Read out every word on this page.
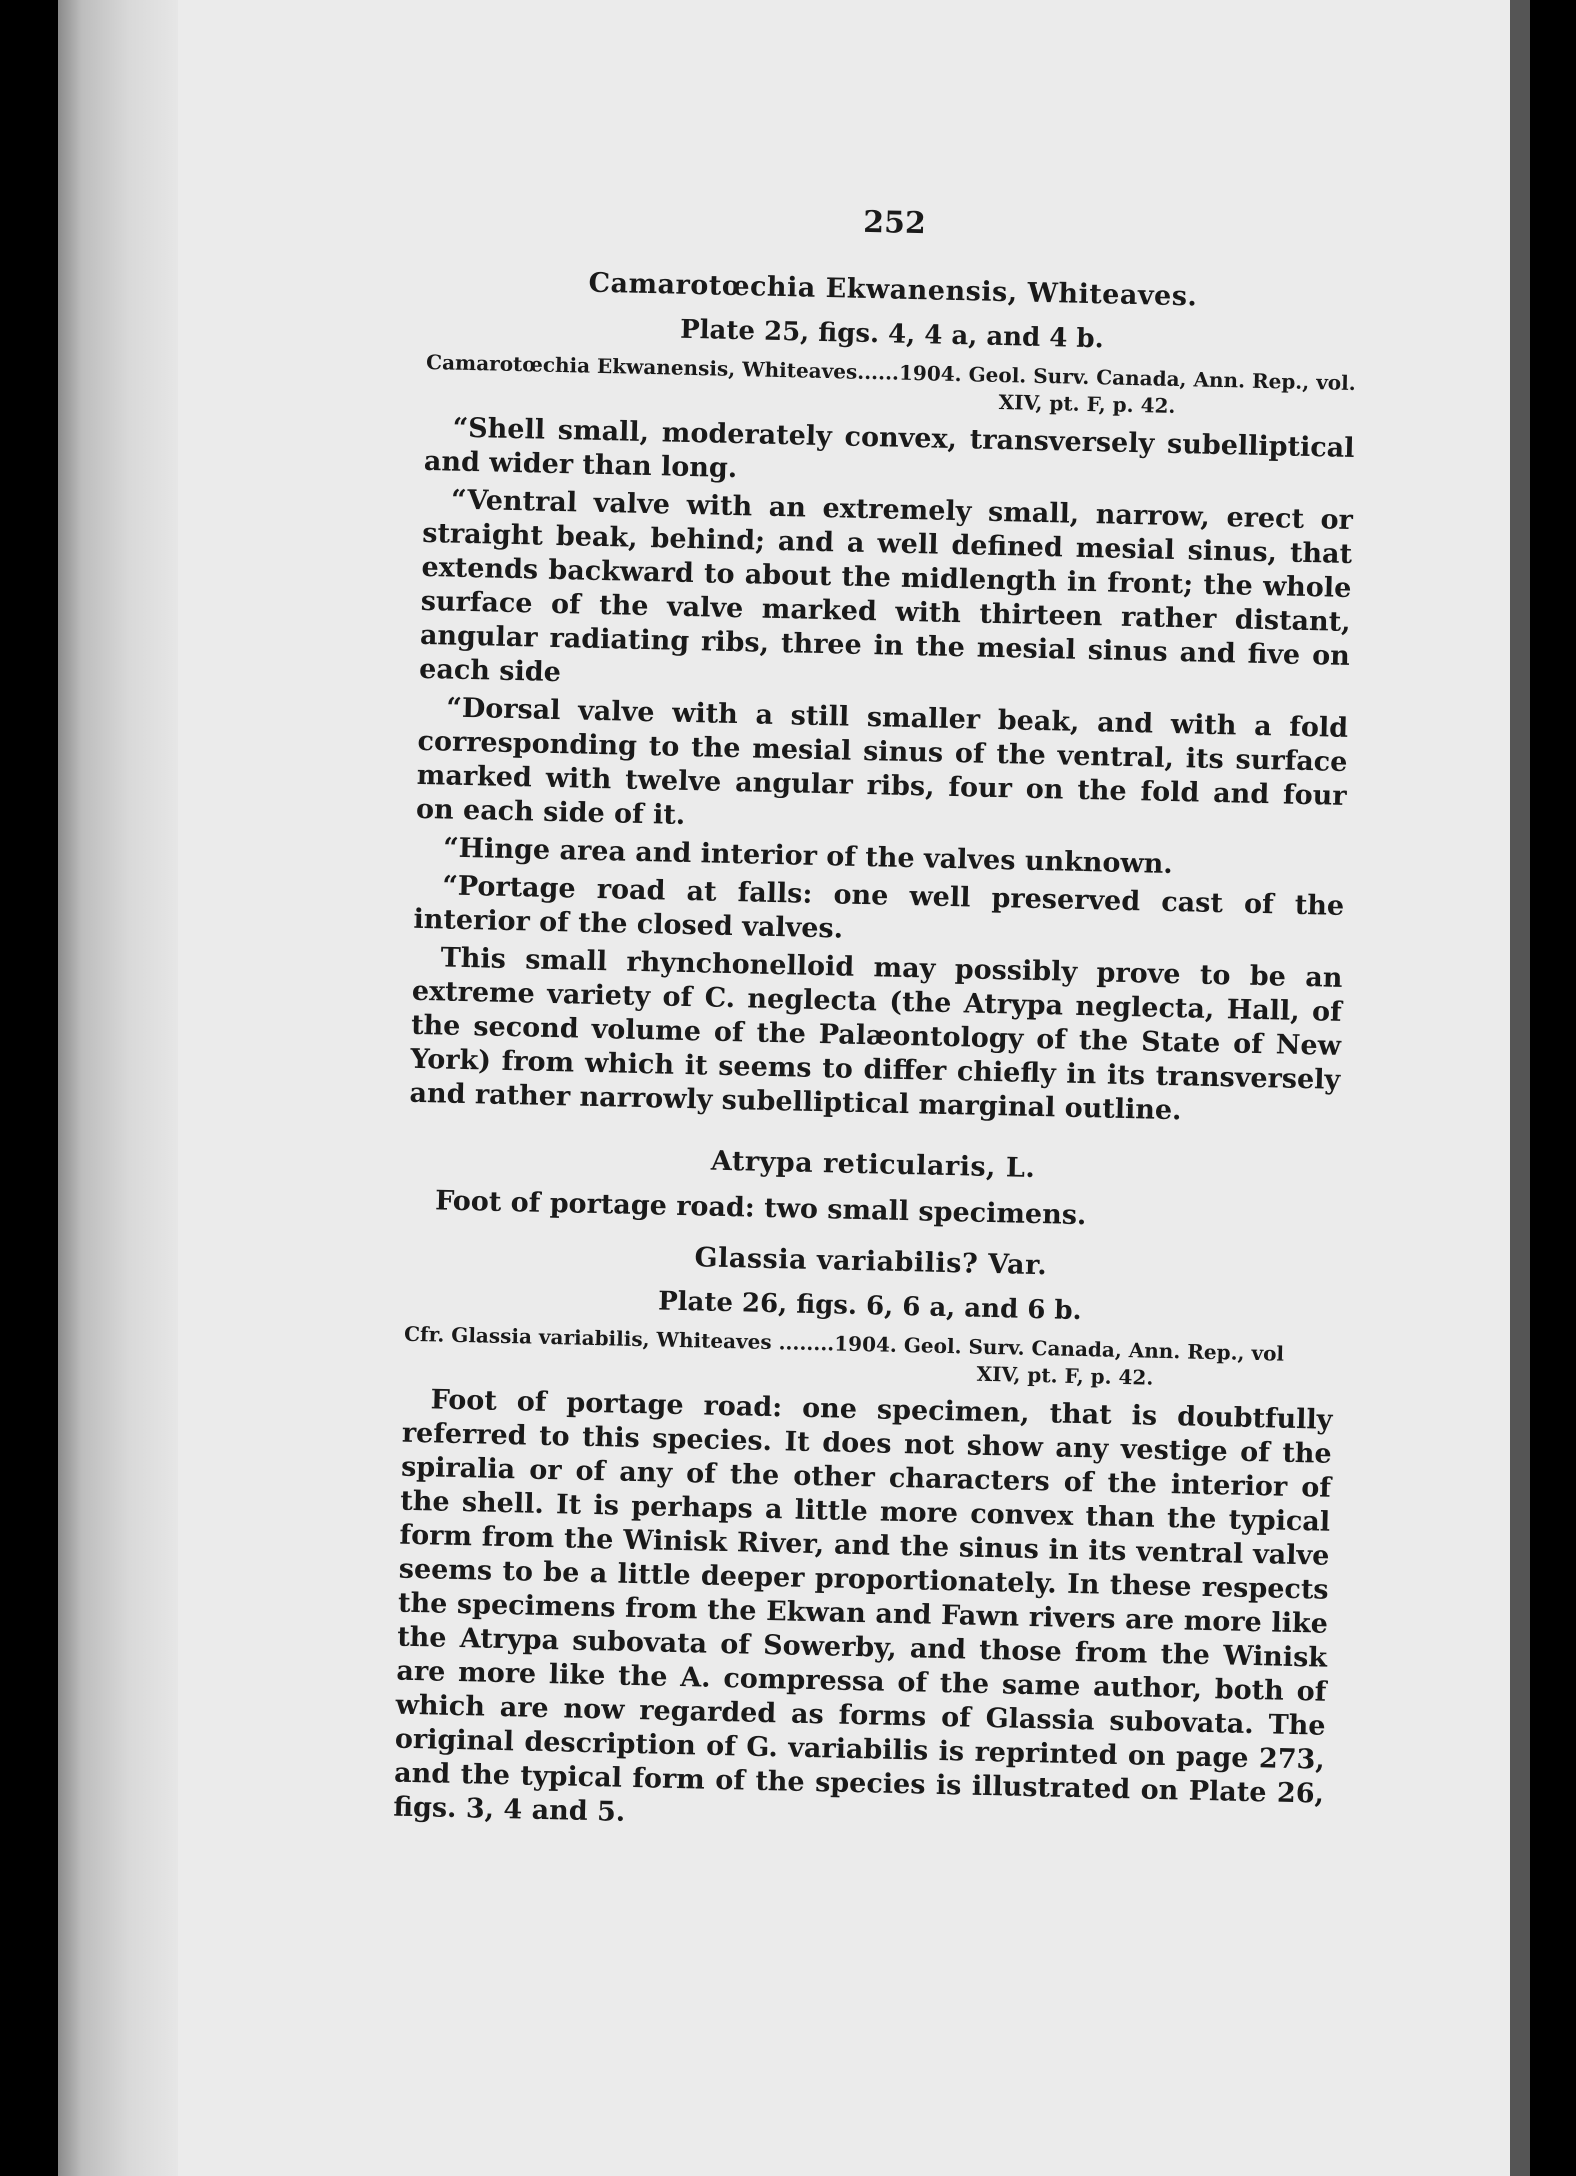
252
Camarotœchia Ekwanensis, Whiteaves.
Plate 25, figs. 4, 4 a, and 4 b.
Camarotœchia Ekwanensis, Whiteaves......1904. Geol. Surv. Canada, Ann. Rep., vol.
XIV, pt. F, p. 42.

“Shell small, moderately convex, transversely subelliptical and wider than long.

“Ventral valve with an extremely small, narrow, erect or straight beak, behind; and a well defined mesial sinus, that extends backward to about the midlength in front; the whole surface of the valve marked with thirteen rather distant, angular radiating ribs, three in the mesial sinus and five on each side

“Dorsal valve with a still smaller beak, and with a fold corresponding to the mesial sinus of the ventral, its surface marked with twelve angular ribs, four on the fold and four on each side of it.

“Hinge area and interior of the valves unknown.

“Portage road at falls: one well preserved cast of the interior of the closed valves.

This small rhynchonelloid may possibly prove to be an extreme variety of C. neglecta (the Atrypa neglecta, Hall, of the second volume of the Palæontology of the State of New York) from which it seems to differ chiefly in its transversely and rather narrowly subelliptical marginal outline.

Atrypa reticularis, L.

Foot of portage road: two small specimens.

Glassia variabilis? Var.
Plate 26, figs. 6, 6 a, and 6 b.
Cfr. Glassia variabilis, Whiteaves ........1904. Geol. Surv. Canada, Ann. Rep., vol
XIV, pt. F, p. 42.

Foot of portage road: one specimen, that is doubtfully referred to this species. It does not show any vestige of the spiralia or of any of the other characters of the interior of the shell. It is perhaps a little more convex than the typical form from the Winisk River, and the sinus in its ventral valve seems to be a little deeper proportionately. In these respects the specimens from the Ekwan and Fawn rivers are more like the Atrypa subovata of Sowerby, and those from the Winisk are more like the A. compressa of the same author, both of which are now regarded as forms of Glassia subovata. The original description of G. variabilis is reprinted on page 273, and the typical form of the species is illustrated on Plate 26, figs. 3, 4 and 5.
